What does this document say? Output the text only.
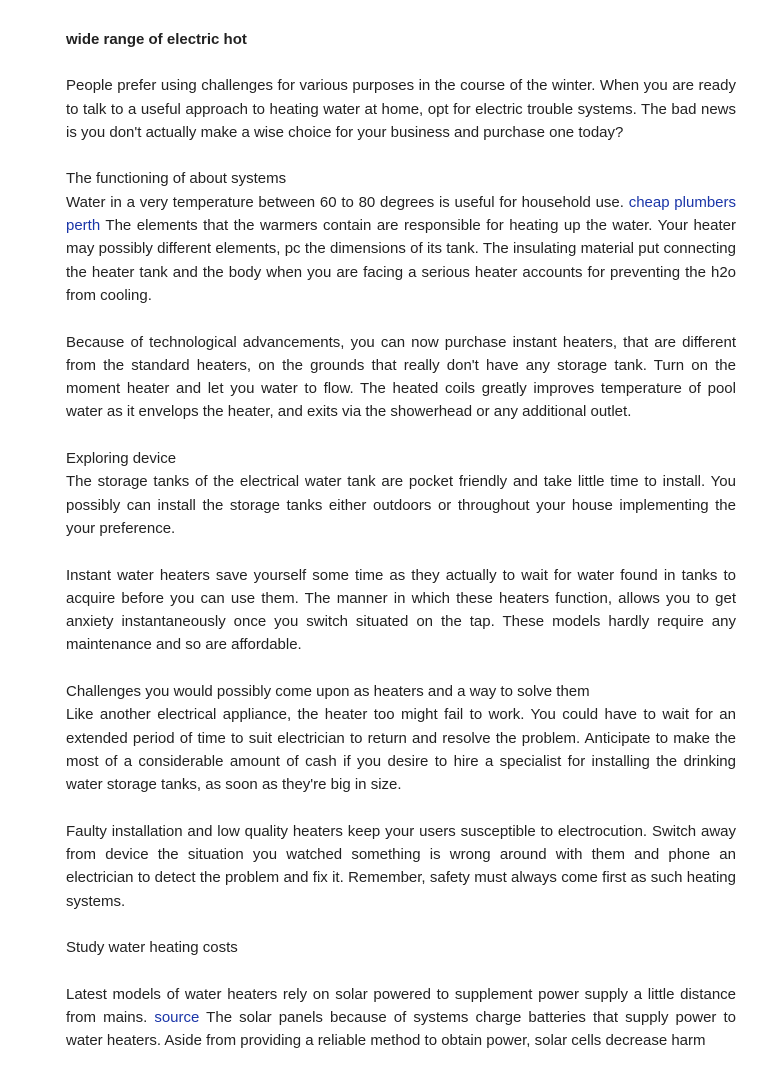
wide range of electric hot

People prefer using challenges for various purposes in the course of the winter. When you are ready to talk to a useful approach to heating water at home, opt for electric trouble systems. The bad news is you don't actually make a wise choice for your business and purchase one today?

The functioning of about systems

Water in a very temperature between 60 to 80 degrees is useful for household use. cheap plumbers perth The elements that the warmers contain are responsible for heating up the water. Your heater may possibly different elements, pc the dimensions of its tank. The insulating material put connecting the heater tank and the body when you are facing a serious heater accounts for preventing the h2o from cooling.

Because of technological advancements, you can now purchase instant heaters, that are different from the standard heaters, on the grounds that really don't have any storage tank. Turn on the moment heater and let you water to flow. The heated coils greatly improves temperature of pool water as it envelops the heater, and exits via the showerhead or any additional outlet.

Exploring device

The storage tanks of the electrical water tank are pocket friendly and take little time to install. You possibly can install the storage tanks either outdoors or throughout your house implementing the your preference.

Instant water heaters save yourself some time as they actually to wait for water found in tanks to acquire before you can use them. The manner in which these heaters function, allows you to get anxiety instantaneously once you switch situated on the tap. These models hardly require any maintenance and so are affordable.

Challenges you would possibly come upon as heaters and a way to solve them

Like another electrical appliance, the heater too might fail to work. You could have to wait for an extended period of time to suit electrician to return and resolve the problem. Anticipate to make the most of a considerable amount of cash if you desire to hire a specialist for installing the drinking water storage tanks, as soon as they're big in size.

Faulty installation and low quality heaters keep your users susceptible to electrocution. Switch away from device the situation you watched something is wrong around with them and phone an electrician to detect the problem and fix it. Remember, safety must always come first as such heating systems.

Study water heating costs

Latest models of water heaters rely on solar powered to supplement power supply a little distance from mains. source The solar panels because of systems charge batteries that supply power to water heaters. Aside from providing a reliable method to obtain power, solar cells decrease harm
